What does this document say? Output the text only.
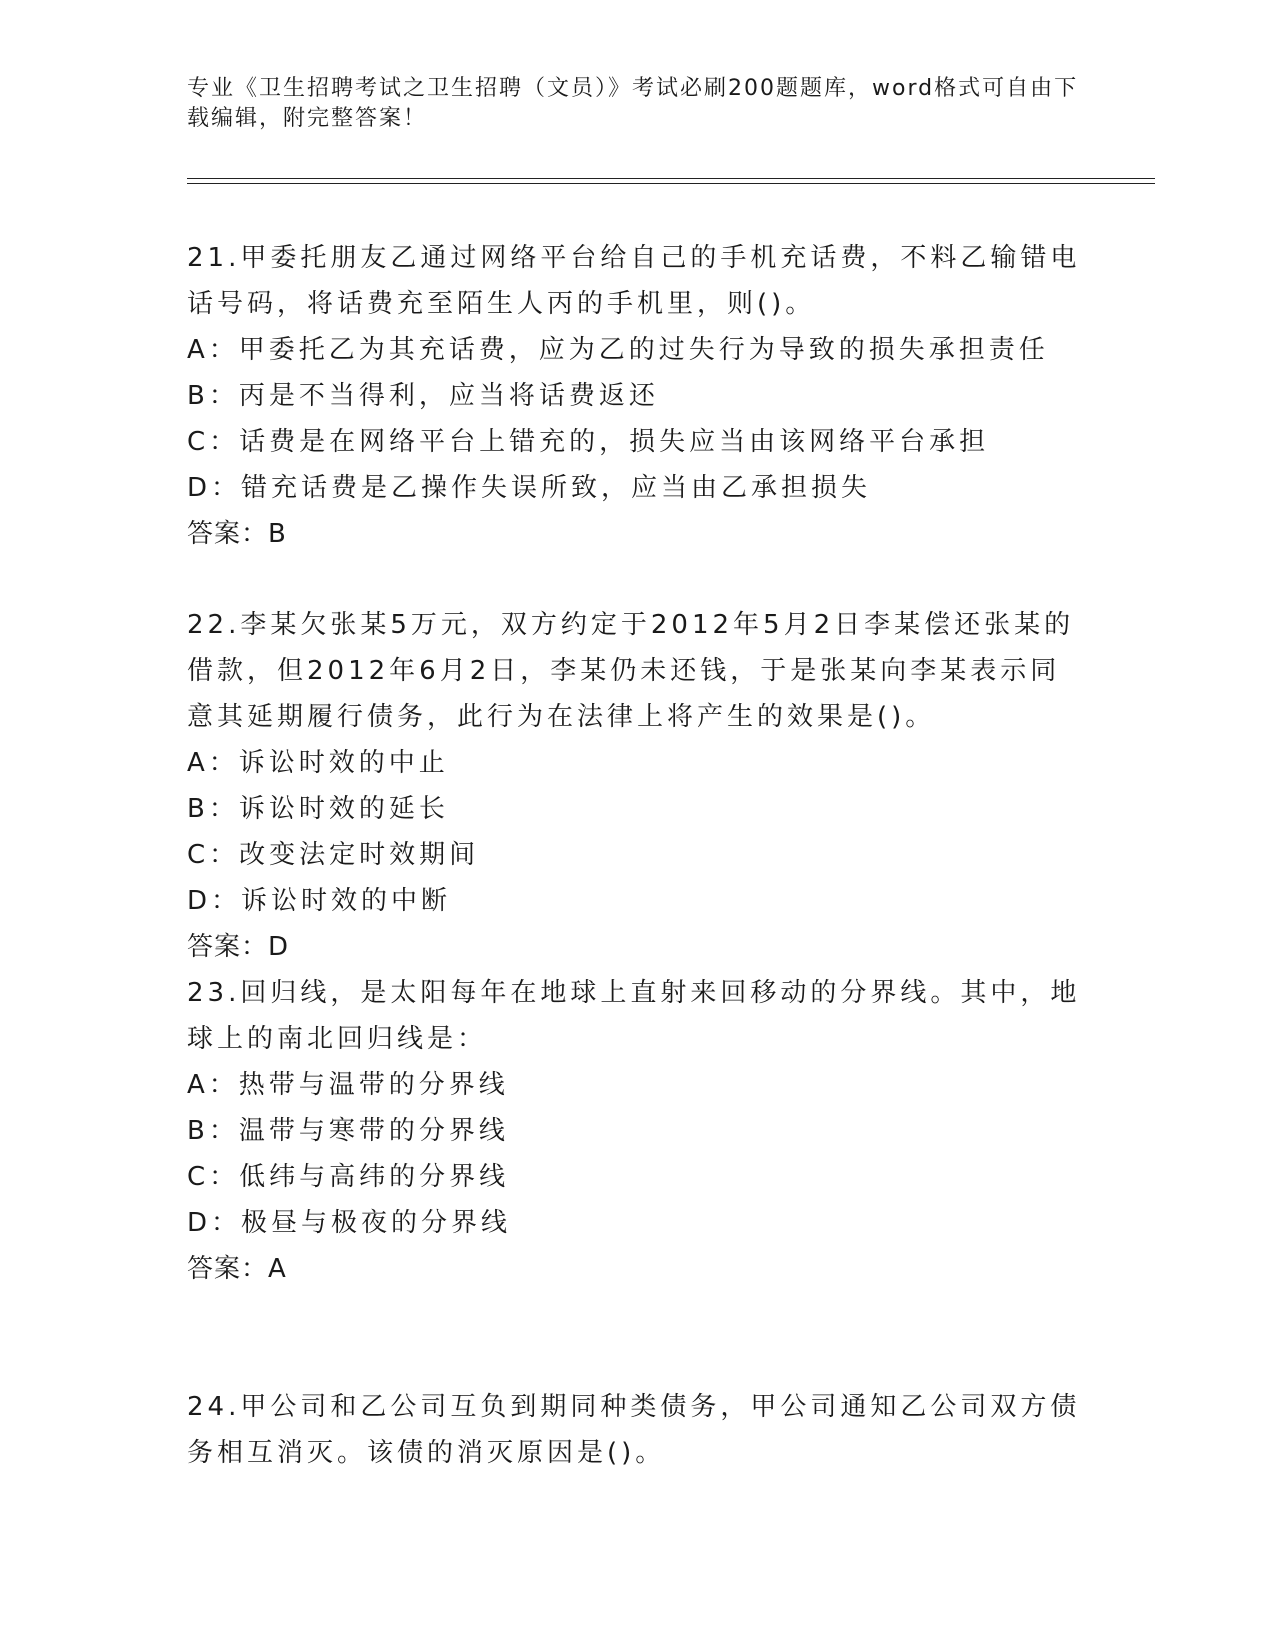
专业《卫生招聘考试之卫生招聘（文员）》考试必刷200题题库，word格式可自由下载编辑，附完整答案！

21.甲委托朋友乙通过网络平台给自己的手机充话费，不料乙输错电话号码，将话费充至陌生人丙的手机里，则()。

A：甲委托乙为其充话费，应为乙的过失行为导致的损失承担责任

B：丙是不当得利，应当将话费返还

C：话费是在网络平台上错充的，损失应当由该网络平台承担

D：错充话费是乙操作失误所致，应当由乙承担损失

答案：B

22.李某欠张某5万元，双方约定于2012年5月2日李某偿还张某的借款，但2012年6月2日，李某仍未还钱，于是张某向李某表示同意其延期履行债务，此行为在法律上将产生的效果是()。

A：诉讼时效的中止

B：诉讼时效的延长

C：改变法定时效期间

D：诉讼时效的中断

答案：D

23.回归线，是太阳每年在地球上直射来回移动的分界线。其中，地球上的南北回归线是：

A：热带与温带的分界线

B：温带与寒带的分界线

C：低纬与高纬的分界线

D：极昼与极夜的分界线

答案：A

24.甲公司和乙公司互负到期同种类债务，甲公司通知乙公司双方债务相互消灭。该债的消灭原因是()。
